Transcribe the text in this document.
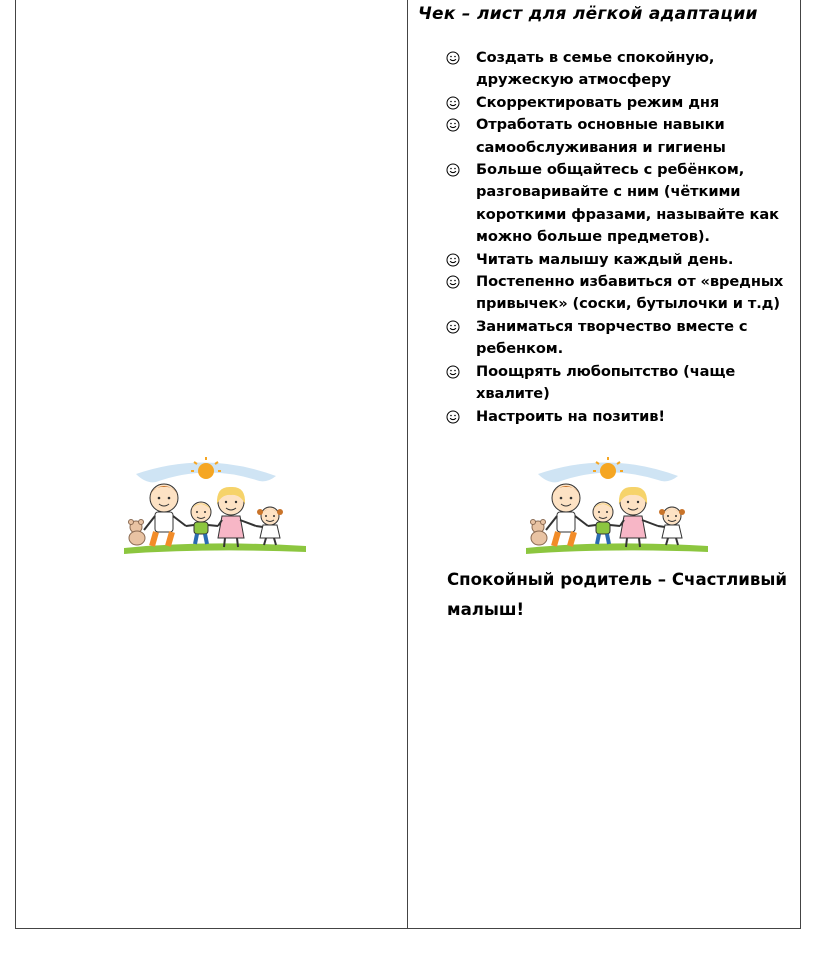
Чек – лист для лёгкой адаптации
Создать в семье спокойную, дружескую атмосферу
Скорректировать режим дня
Отработать основные навыки самообслуживания и гигиены
Больше общайтесь с ребёнком, разговаривайте с ним (чёткими короткими фразами, называйте как можно больше предметов).
Читать малышу каждый день.
Постепенно избавиться от «вредных привычек» (соски, бутылочки и т.д)
Заниматься творчество вместе с ребенком.
Поощрять любопытство (чаще хвалите)
Настроить на позитив!
Спокойный родитель – Счастливый малыш!
